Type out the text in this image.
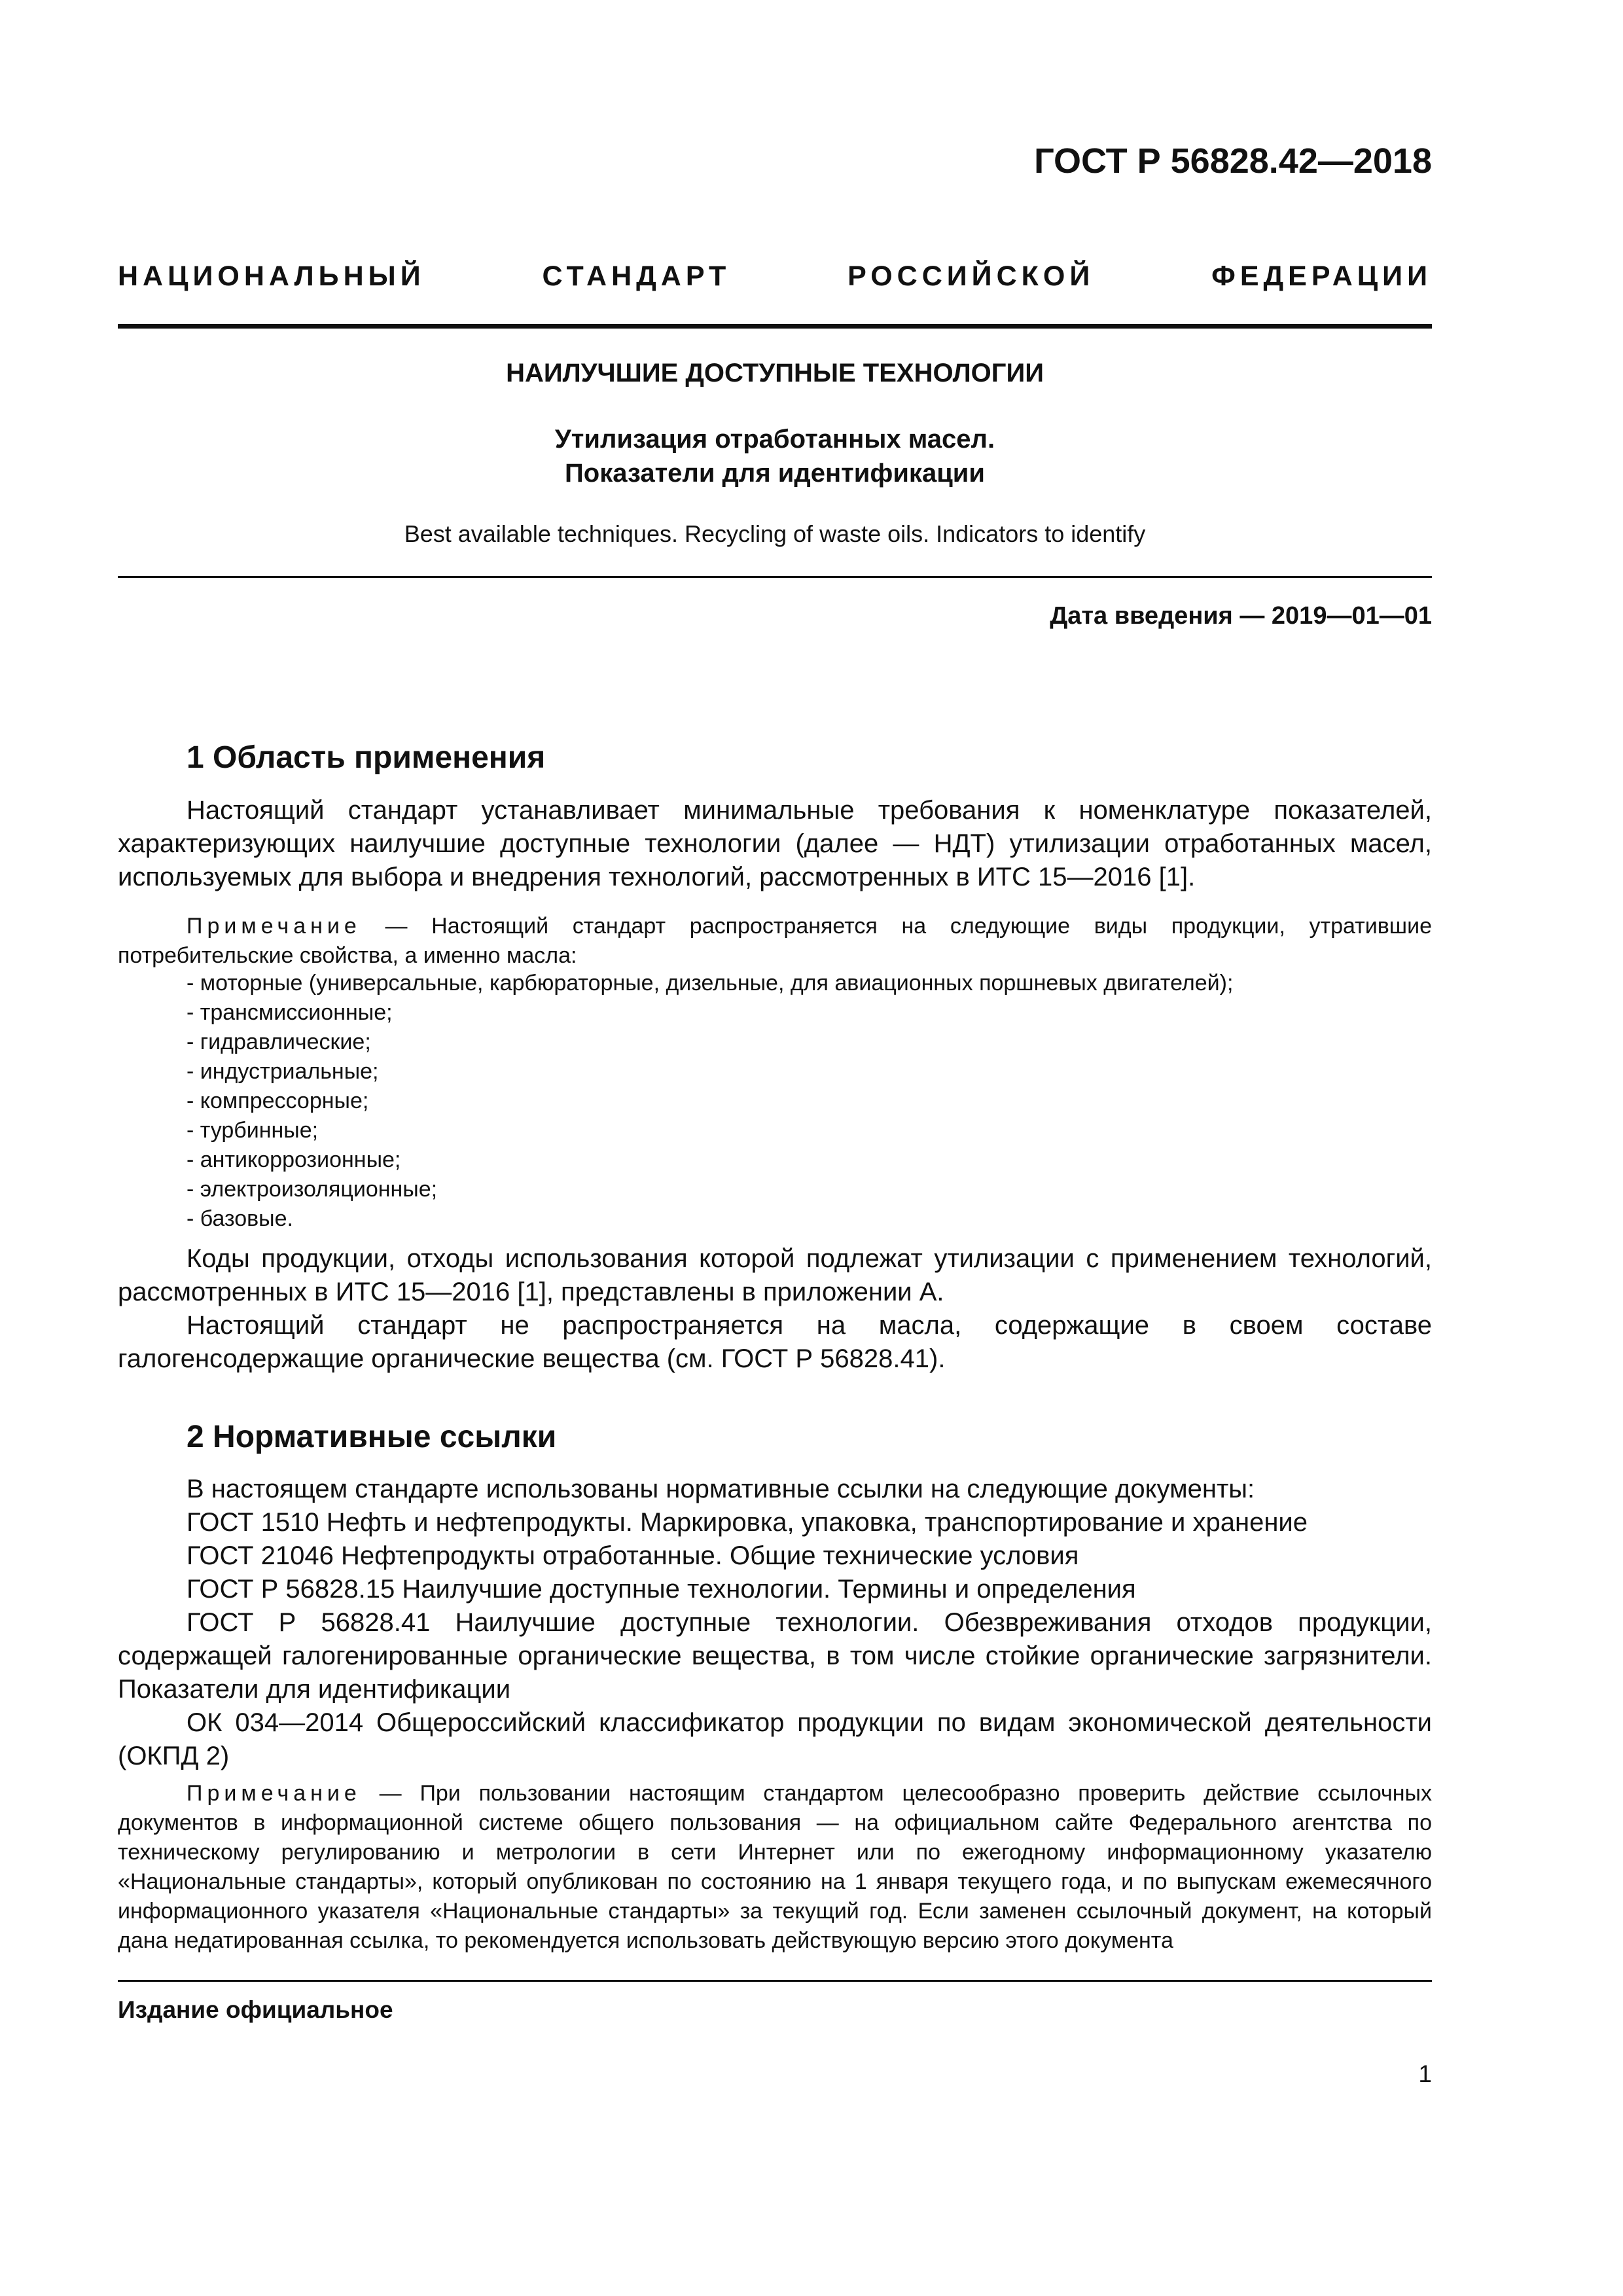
ГОСТ Р 56828.42—2018
НАЦИОНАЛЬНЫЙ	СТАНДАРТ	РОССИЙСКОЙ	ФЕДЕРАЦИИ
НАИЛУЧШИЕ ДОСТУПНЫЕ ТЕХНОЛОГИИ
Утилизация отработанных масел.
Показатели для идентификации
Best available techniques. Recycling of waste oils. Indicators to identify
Дата введения — 2019—01—01
1 Область применения
Настоящий стандарт устанавливает минимальные требования к номенклатуре показателей, характеризующих наилучшие доступные технологии (далее — НДТ) утилизации отработанных масел, используемых для выбора и внедрения технологий, рассмотренных в ИТС 15—2016 [1].
Примечание — Настоящий стандарт распространяется на следующие виды продукции, утратившие потребительские свойства, а именно масла:
- моторные (универсальные, карбюраторные, дизельные, для авиационных поршневых двигателей);
- трансмиссионные;
- гидравлические;
- индустриальные;
- компрессорные;
- турбинные;
- антикоррозионные;
- электроизоляционные;
- базовые.
Коды продукции, отходы использования которой подлежат утилизации с применением технологий, рассмотренных в ИТС 15—2016 [1], представлены в приложении А.
Настоящий стандарт не распространяется на масла, содержащие в своем составе галогенсодержащие органические вещества (см. ГОСТ Р 56828.41).
2 Нормативные ссылки
В настоящем стандарте использованы нормативные ссылки на следующие документы:
ГОСТ 1510 Нефть и нефтепродукты. Маркировка, упаковка, транспортирование и хранение
ГОСТ 21046 Нефтепродукты отработанные. Общие технические условия
ГОСТ Р 56828.15 Наилучшие доступные технологии. Термины и определения
ГОСТ Р 56828.41 Наилучшие доступные технологии. Обезвреживания отходов продукции, содержащей галогенированные органические вещества, в том числе стойкие органические загрязнители. Показатели для идентификации
ОК 034—2014 Общероссийский классификатор продукции по видам экономической деятельности (ОКПД 2)
Примечание — При пользовании настоящим стандартом целесообразно проверить действие ссылочных документов в информационной системе общего пользования — на официальном сайте Федерального агентства по техническому регулированию и метрологии в сети Интернет или по ежегодному информационному указателю «Национальные стандарты», который опубликован по состоянию на 1 января текущего года, и по выпускам ежемесячного информационного указателя «Национальные стандарты» за текущий год. Если заменен ссылочный документ, на который дана недатированная ссылка, то рекомендуется использовать действующую версию этого документа
Издание официальное
1
